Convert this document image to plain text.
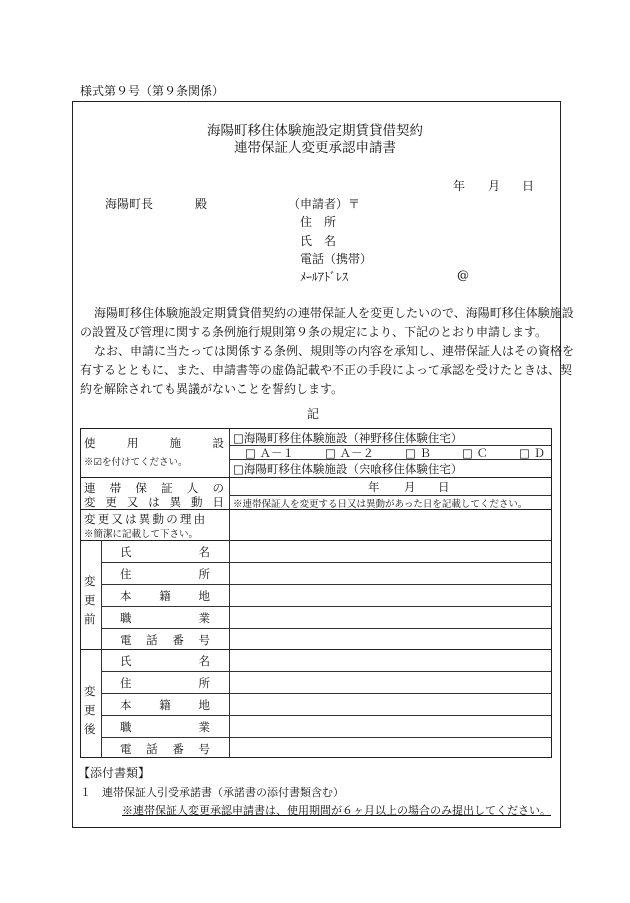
様式第９号（第９条関係）
海陽町移住体験施設定期賃貸借契約
連帯保証人変更承認申請書
年 月 日
海陽町長	殿	（申請者）〒
住　所
氏　名
電話（携帯）
ﾒｰﾙｱﾄﾞﾚｽ	@
海陽町移住体験施設定期賃貸借契約の連帯保証人を変更したいので、海陽町移住体験施設
の設置及び管理に関する条例施行規則第９条の規定により、下記のとおり申請します。
なお、申請に当たっては関係する条例、規則等の内容を承知し、連帯保証人はその資格を
有するとともに、また、申請書等の虚偽記載や不正の手段によって承認を受けたときは、契
約を解除されても異議がないことを誓約します。
記
使	用	施	設
※☑を付けてください。
□海陽町移住体験施設（神野移住体験住宅）
□ Ａ－１	□ Ａ－２	□ Ｂ	□ Ｃ	□ Ｄ
□海陽町移住体験施設（宍喰移住体験住宅）
連 帯 保 証 人 の
変 更 又 は 異 動 日
年 月 日
※連帯保証人を変更する日又は異動があった日を記載してください。
変更又は異動の理由
※簡潔に記載して下さい。
変
更
前
氏	名
住	所
本 籍 地
職	業
電 話 番 号
変
更
後
氏	名
住	所
本 籍 地
職	業
電 話 番 号
【添付書類】
１　連帯保証人引受承諾書（承諾書の添付書類含む）
※連帯保証人変更承認申請書は、使用期間が６ヶ月以上の場合のみ提出してください。
